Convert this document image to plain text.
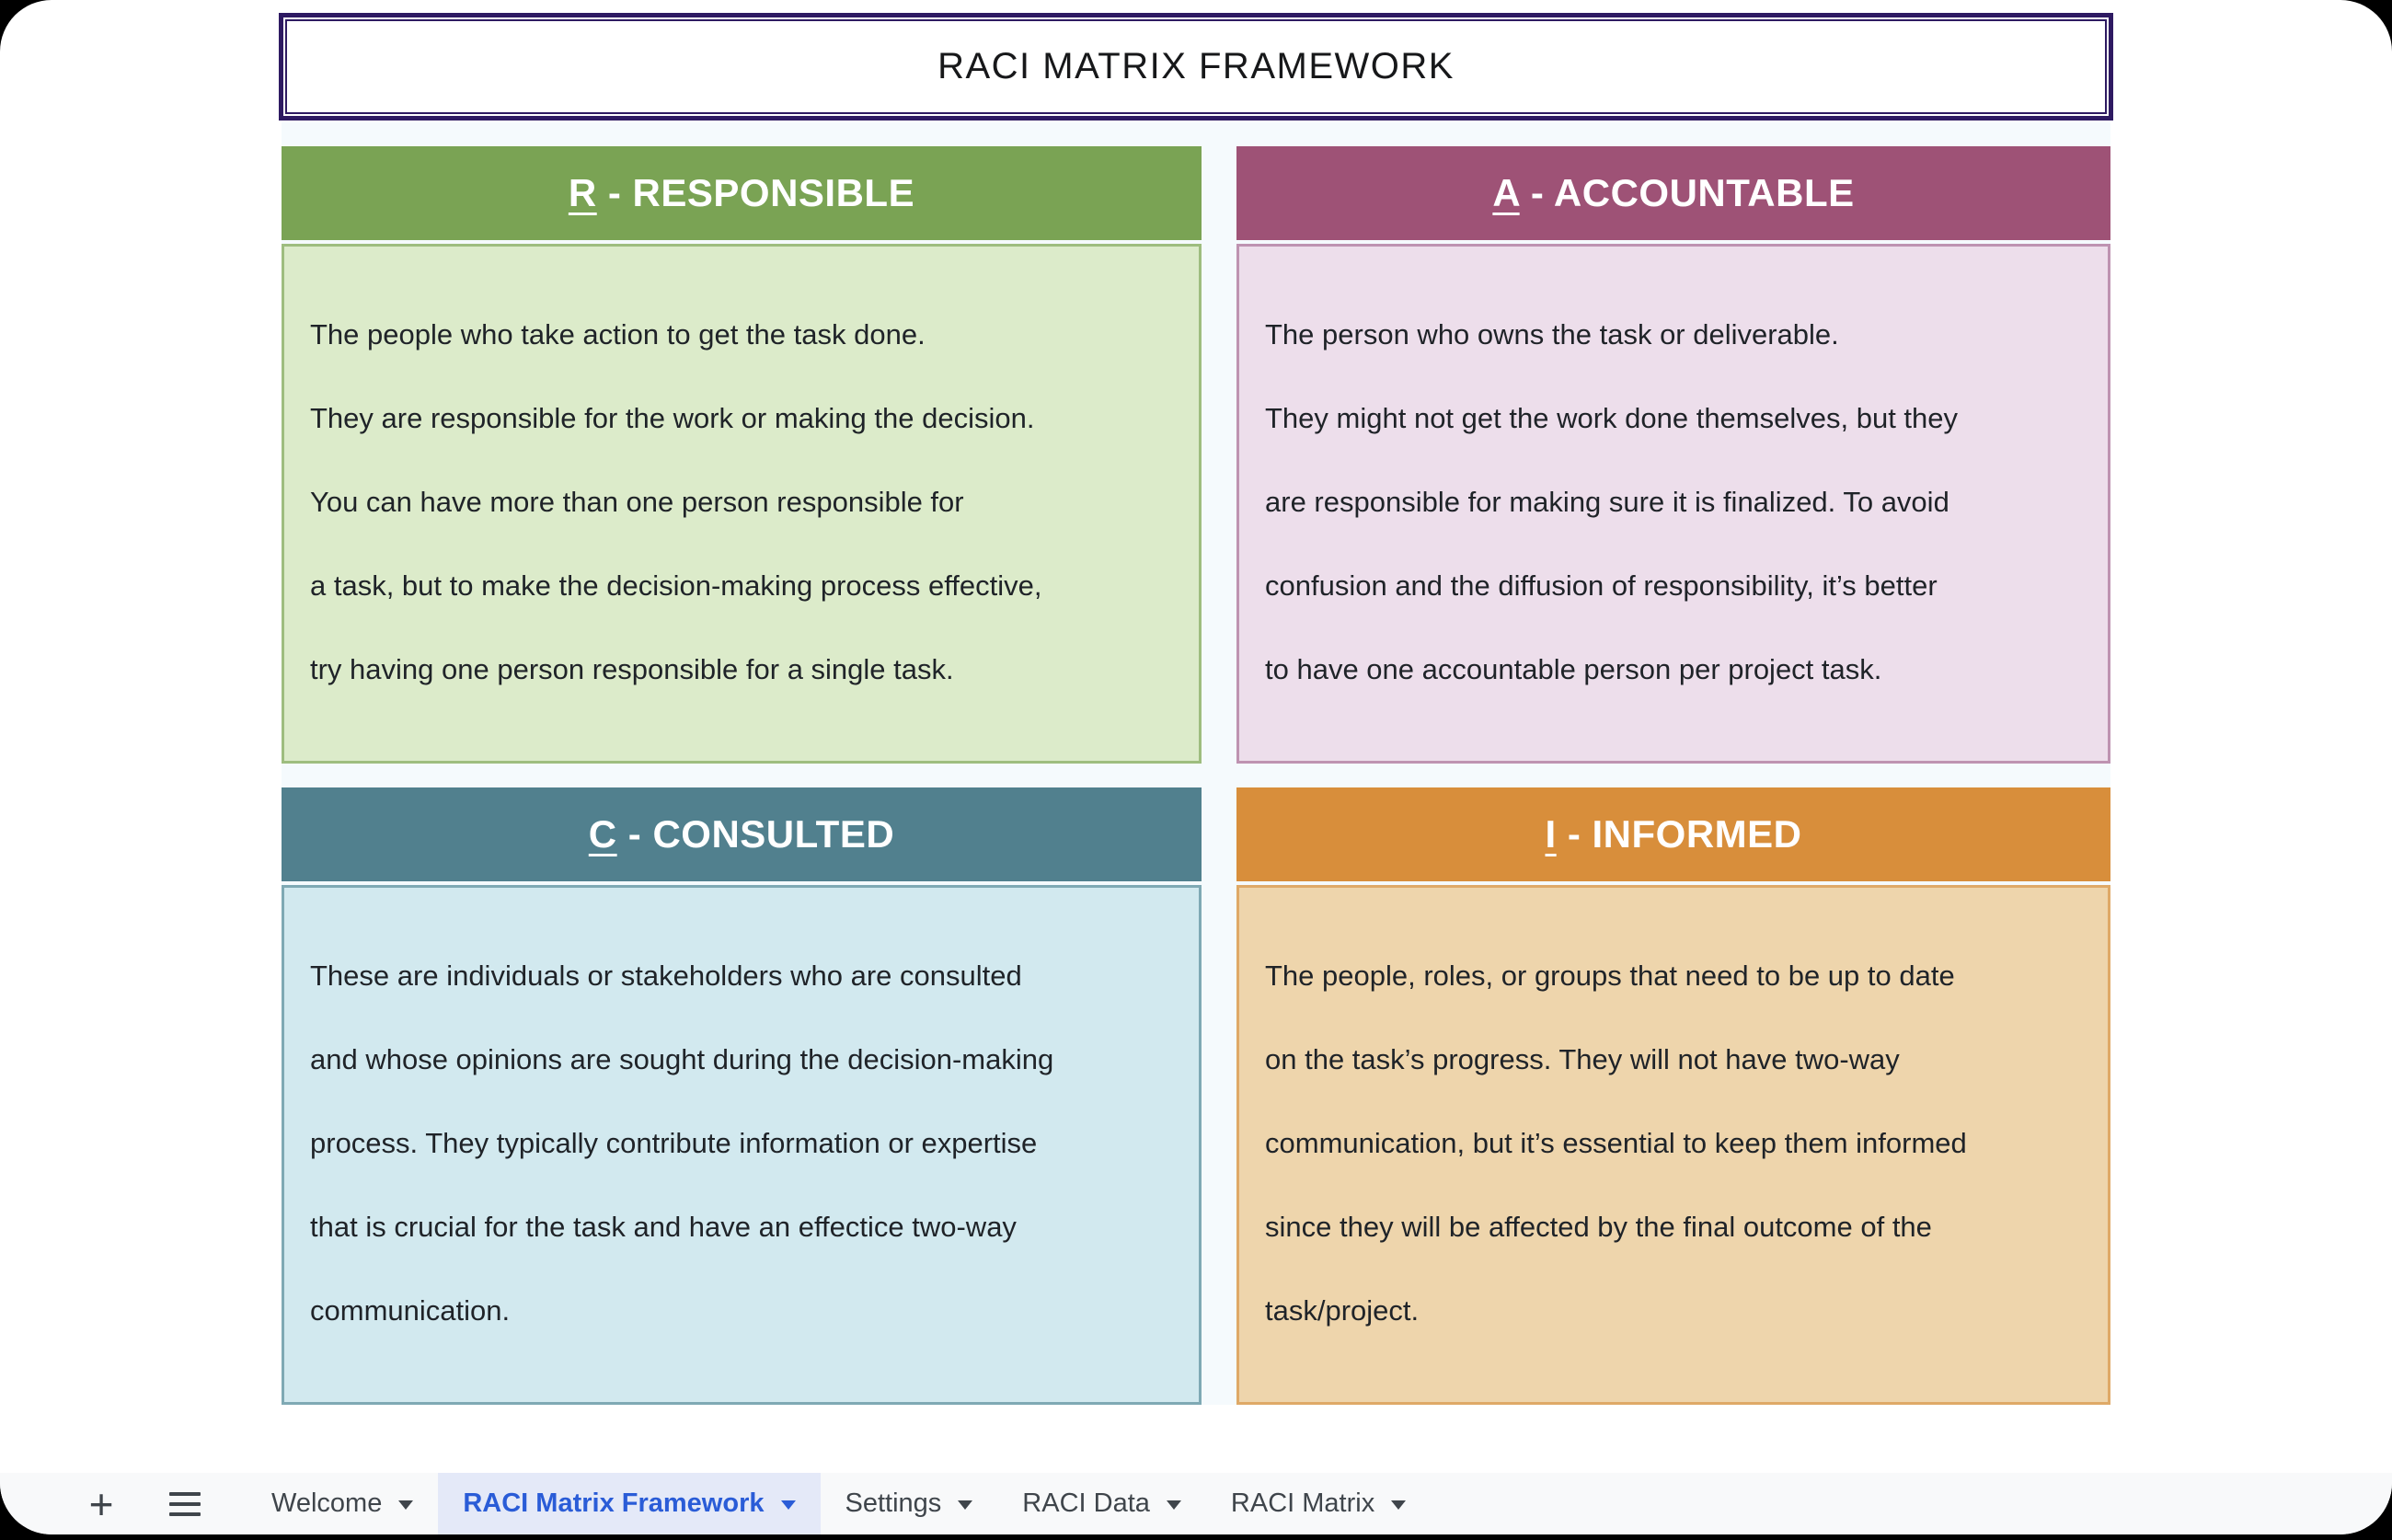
RACI MATRIX FRAMEWORK
R - RESPONSIBLE
The people who take action to get the task done.
They are responsible for the work or making the decision.
You can have more than one person responsible for
a task, but to make the decision-making process effective,
try having one person responsible for a single task.
A - ACCOUNTABLE
The person who owns the task or deliverable.
They might not get the work done themselves, but they
are responsible for making sure it is finalized. To avoid
confusion and the diffusion of responsibility, it’s better
to have one accountable person per project task.
C - CONSULTED
These are individuals or stakeholders who are consulted
and whose opinions are sought during the decision-making
process. They typically contribute information or expertise
that is crucial for the task and have an effectice two-way
communication.
I - INFORMED
The people, roles, or groups that need to be up to date
on the task’s progress. They will not have two-way
communication, but it’s essential to keep them informed
since they will be affected by the final outcome of the
task/project.
+	Welcome	RACI Matrix Framework	Settings	RACI Data	RACI Matrix
